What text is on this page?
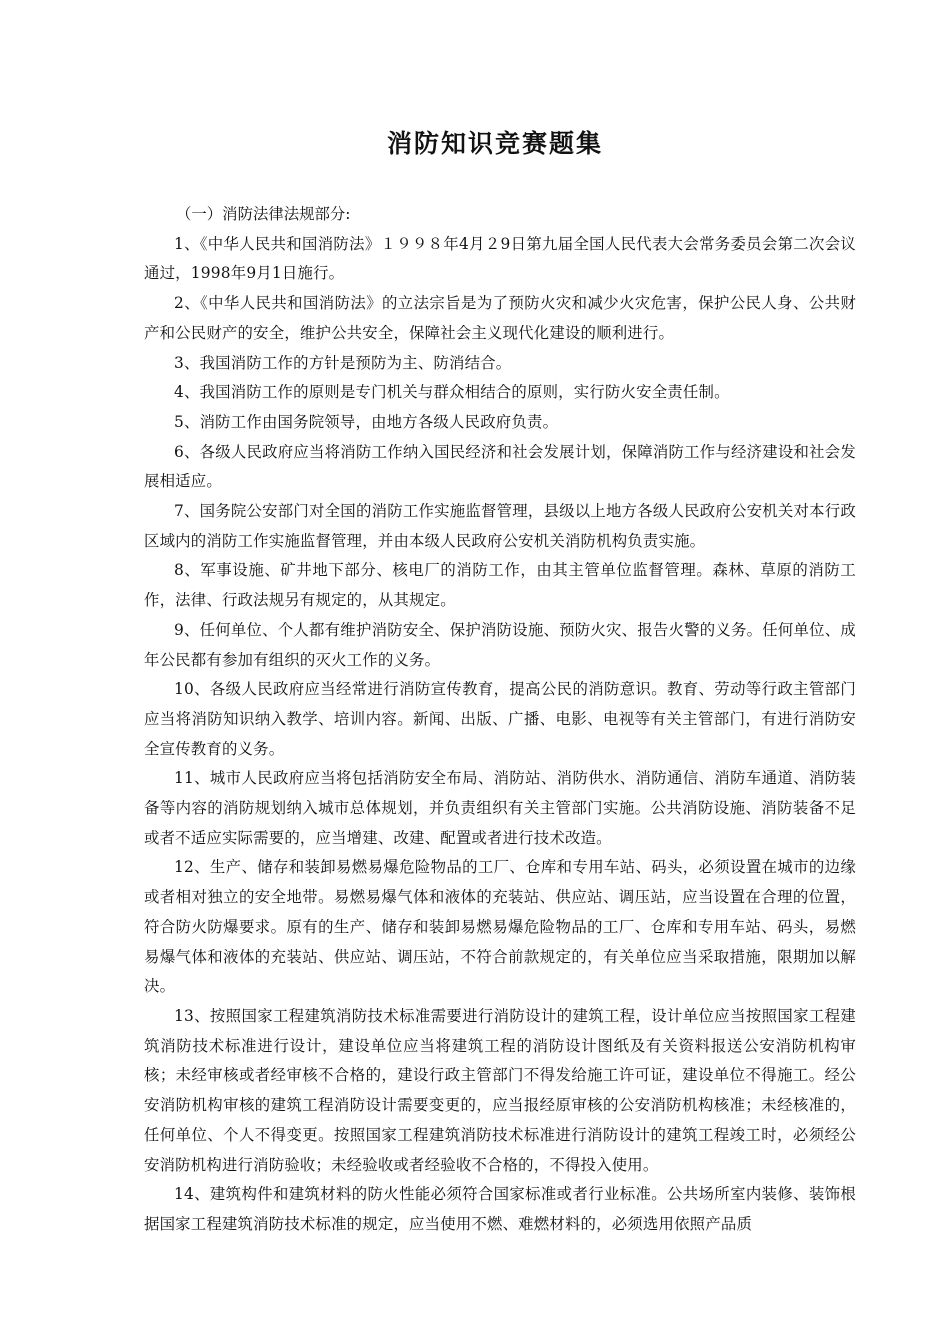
消防知识竞赛题集

（一）消防法律法规部分:

1、《中华人民共和国消防法》１９９８年4月２9日第九届全国人民代表大会常务委员会第二次会议通过，1998年9月1日施行。

2、《中华人民共和国消防法》的立法宗旨是为了预防火灾和减少火灾危害，保护公民人身、公共财产和公民财产的安全，维护公共安全，保障社会主义现代化建设的顺利进行。

3、我国消防工作的方针是预防为主、防消结合。

4、我国消防工作的原则是专门机关与群众相结合的原则，实行防火安全责任制。

5、消防工作由国务院领导，由地方各级人民政府负责。

6、各级人民政府应当将消防工作纳入国民经济和社会发展计划，保障消防工作与经济建设和社会发展相适应。

7、国务院公安部门对全国的消防工作实施监督管理，县级以上地方各级人民政府公安机关对本行政区域内的消防工作实施监督管理，并由本级人民政府公安机关消防机构负责实施。

8、军事设施、矿井地下部分、核电厂的消防工作，由其主管单位监督管理。森林、草原的消防工作，法律、行政法规另有规定的，从其规定。

9、任何单位、个人都有维护消防安全、保护消防设施、预防火灾、报告火警的义务。任何单位、成年公民都有参加有组织的灭火工作的义务。

10、各级人民政府应当经常进行消防宣传教育，提高公民的消防意识。教育、劳动等行政主管部门应当将消防知识纳入教学、培训内容。新闻、出版、广播、电影、电视等有关主管部门，有进行消防安全宣传教育的义务。

11、城市人民政府应当将包括消防安全布局、消防站、消防供水、消防通信、消防车通道、消防装备等内容的消防规划纳入城市总体规划，并负责组织有关主管部门实施。公共消防设施、消防装备不足或者不适应实际需要的，应当增建、改建、配置或者进行技术改造。

12、生产、储存和装卸易燃易爆危险物品的工厂、仓库和专用车站、码头，必须设置在城市的边缘或者相对独立的安全地带。易燃易爆气体和液体的充装站、供应站、调压站，应当设置在合理的位置，符合防火防爆要求。原有的生产、储存和装卸易燃易爆危险物品的工厂、仓库和专用车站、码头，易燃易爆气体和液体的充装站、供应站、调压站，不符合前款规定的，有关单位应当采取措施，限期加以解决。

13、按照国家工程建筑消防技术标准需要进行消防设计的建筑工程，设计单位应当按照国家工程建筑消防技术标准进行设计，建设单位应当将建筑工程的消防设计图纸及有关资料报送公安消防机构审核；未经审核或者经审核不合格的，建设行政主管部门不得发给施工许可证，建设单位不得施工。经公安消防机构审核的建筑工程消防设计需要变更的，应当报经原审核的公安消防机构核准；未经核准的，任何单位、个人不得变更。按照国家工程建筑消防技术标准进行消防设计的建筑工程竣工时，必须经公安消防机构进行消防验收；未经验收或者经验收不合格的，不得投入使用。

14、建筑构件和建筑材料的防火性能必须符合国家标准或者行业标准。公共场所室内装修、装饰根据国家工程建筑消防技术标准的规定，应当使用不燃、难燃材料的，必须选用依照产品质
